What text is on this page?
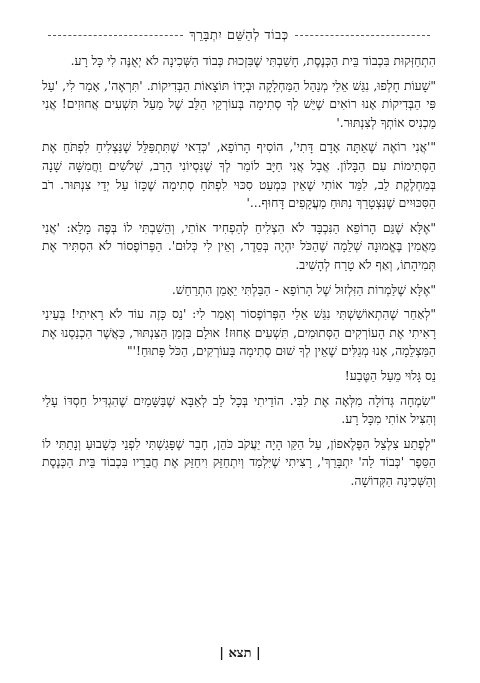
כְּבוֹד לְהַשֵּׁם יִתְבָּרֵךְ

הִתְחַזְּקוּת בִּכְבוֹד בֵּית הַכְּנֶסֶת, חָשַׁבְתִּי שֶׁבִּזְכוּת כְּבוֹד הַשְּׁכִינָה לֹא יְאֻנֶּה לִי כָּל רָע.

"שָׁעוֹת חָלְפוּ, נִגַּשׁ אֵלַי מְנַהֵל הַמַּחְלָקָה וּבְיָדוֹ תּוֹצָאוֹת הַבְּדִיקוֹת. 'תִּרְאֶה', אָמַר לִי, 'עַל פִּי הַבְּדִיקוֹת אָנוּ רוֹאִים שֶׁיֵּשׁ לְךָ סְתִימָה בְּעוֹרְקֵי הַלֵּב שֶׁל מַעַל תִּשְׁעִים אֲחוּזִים! אֲנִי מַכְנִיס אוֹתְךָ לְצִנְתּוּר.'

"'אֲנִי רוֹאֶה שֶׁאַתָּה אָדָם דָּתִי', הוֹסִיף הָרוֹפֵא, 'כְּדַאי שֶׁתִּתְפַּלֵּל שֶׁנַּצְלִיחַ לִפְתֹּחַ אֶת הַסְּתִימוֹת עִם הַבָּלוֹן. אֲבָל אֲנִי חַיָּב לוֹמַר לְךָ שֶׁנִּסְיוֹנִי הָרַב, שְׁלֹשִׁים וַחֲמִשָּׁה שָׁנָה בְּמַחְלֶקֶת לֵב, לִמֵּד אוֹתִי שֶׁאֵין כִּמְעַט סִכּוּי לִפְתֹּחַ סְתִימָה שֶׁכָּזוֹ עַל יְדֵי צִנְתּוּר. רֹב הַסִּכּוּיִים שֶׁנִּצְטָרֵךְ נִתּוּחַ מַעֲקָפִים דָּחוּף...'

"אֶלָּא שֶׁגַּם הָרוֹפֵא הַנִּכְבָּד לֹא הִצְלִיחַ לְהַפְחִיד אוֹתִי, וְהֵשַׁבְתִּי לוֹ בְּפֶה מָלֵא: 'אֲנִי מַאֲמִין בֶּאֱמוּנָה שְׁלֵמָה שֶׁהַכֹּל יִהְיֶה בְּסֵדֶר, וְאֵין לִי כְּלוּם'. הַפְּרוֹפֶסוֹר לֹא הִסְתִּיר אֶת תְּמִיהָתוֹ, וְאַף לֹא טָרַח לְהָשִׁיב.

"אֶלָּא שֶׁלַּמְרוֹת הַזִּלְזוּל שֶׁל הָרוֹפֵא - הַבַּלְתִּי יֵאָמֵן הִתְרַחֵשׁ.

"לְאַחַר שֶׁהִתְאוֹשַׁשְׁתִּי נִגַּשׁ אֵלַי הַפְּרוֹפֶסוֹר וְאָמַר לִי: 'נֵס כָּזֶה עוֹד לֹא רָאִיתִי! בְּעֵינַי רָאִיתִי אֶת הָעוֹרְקִים הַסְּתוּמִים, תִּשְׁעִים אָחוּז! אוּלָם בִּזְמַן הַצִּנְתּוּר, כַּאֲשֶׁר הִכְנַסְנוּ אֶת הַמַּצְלֵמָה, אָנוּ מְגַלִּים שֶׁאֵין לְךָ שׁוּם סְתִימָה בָּעוֹרְקִים, הַכֹּל פָּתוּחַ!'"

נֵס גָּלוּי מֵעַל הַטֶּבַע!

"שִׂמְחָה גְּדוֹלָה מִלְּאָה אֶת לִבִּי. הוֹדֵיתִי בְּכָל לֵב לְאַבָּא שֶׁבַּשָּׁמַיִם שֶׁהִגְדִּיל חַסְדּוֹ עָלַי וְהִצִּיל אוֹתִי מִכָּל רָע.

"לְפֶתַע צִלְצֵל הַפֶּלֶאפוֹן, עַל הַקַּו הָיָה יַעֲקֹב כֹּהֵן, חָבֵר שֶׁפָּגַשְׁתִּי לִפְנֵי כְּשָׁבוּעַ וְנָתַתִּי לוֹ הַסֵּפֶר 'כְּבוֹד לַה' יִתְבָּרֵךְ', רָצִיתִי שֶׁיִּלְמַד וְיִתְחַזֵּק וִיחַזֵּק אֶת חֲבֵרָיו בִּכְבוֹד בֵּית הַכְּנֶסֶת וְהַשְּׁכִינָה הַקְּדוֹשָׁה.

| תצא |
